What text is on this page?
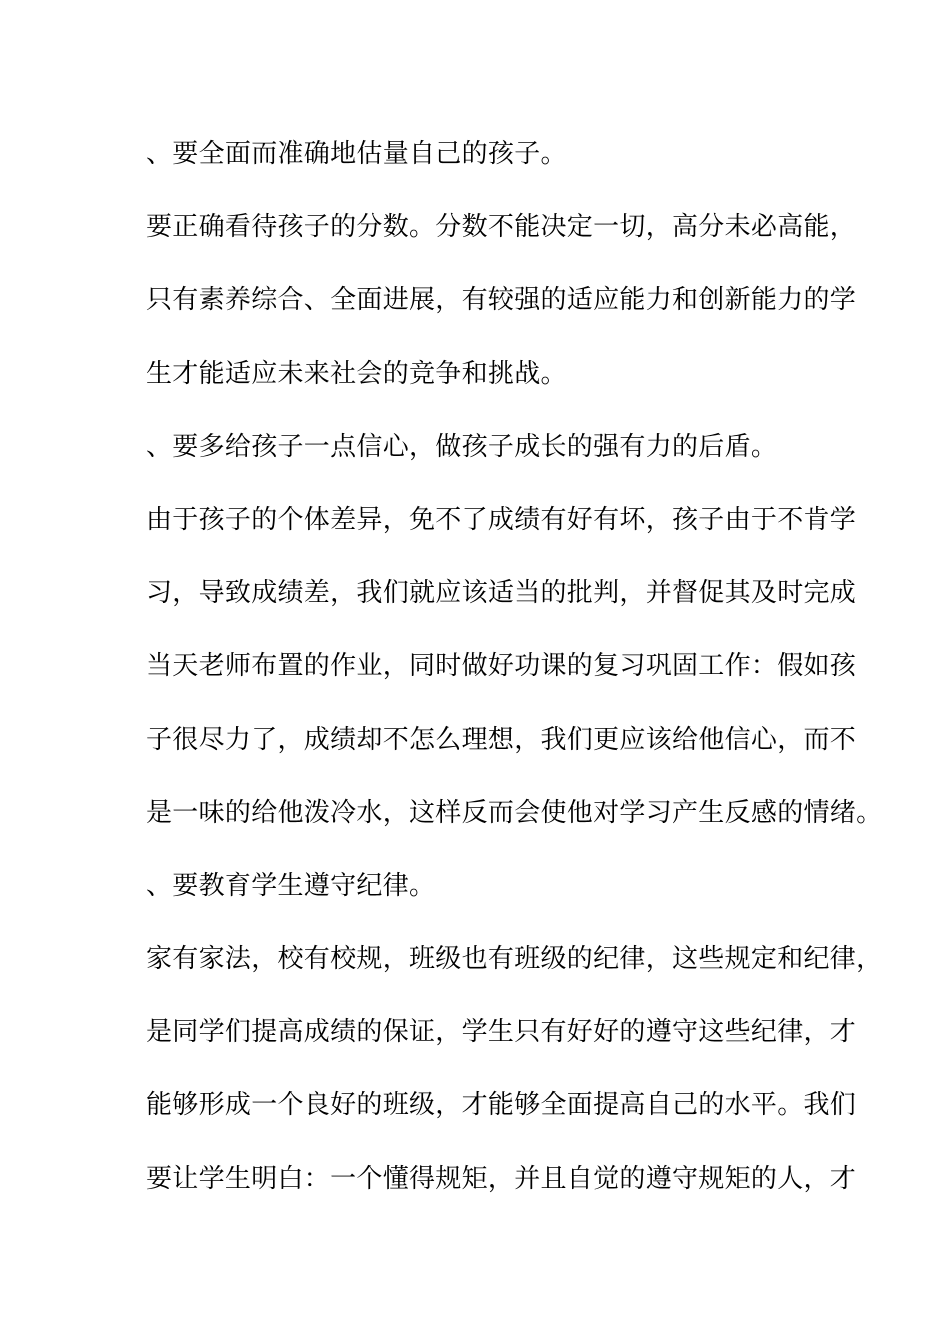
、要全面而准确地估量自己的孩子。
要正确看待孩子的分数。分数不能决定一切，高分未必高能，
只有素养综合、全面进展，有较强的适应能力和创新能力的学
生才能适应未来社会的竞争和挑战。
、要多给孩子一点信心，做孩子成长的强有力的后盾。
由于孩子的个体差异，免不了成绩有好有坏，孩子由于不肯学
习，导致成绩差，我们就应该适当的批判，并督促其及时完成
当天老师布置的作业，同时做好功课的复习巩固工作：假如孩
子很尽力了，成绩却不怎么理想，我们更应该给他信心，而不
是一味的给他泼冷水，这样反而会使他对学习产生反感的情绪。
、要教育学生遵守纪律。
家有家法，校有校规，班级也有班级的纪律，这些规定和纪律，
是同学们提高成绩的保证，学生只有好好的遵守这些纪律，才
能够形成一个良好的班级，才能够全面提高自己的水平。我们
要让学生明白：一个懂得规矩，并且自觉的遵守规矩的人，才
